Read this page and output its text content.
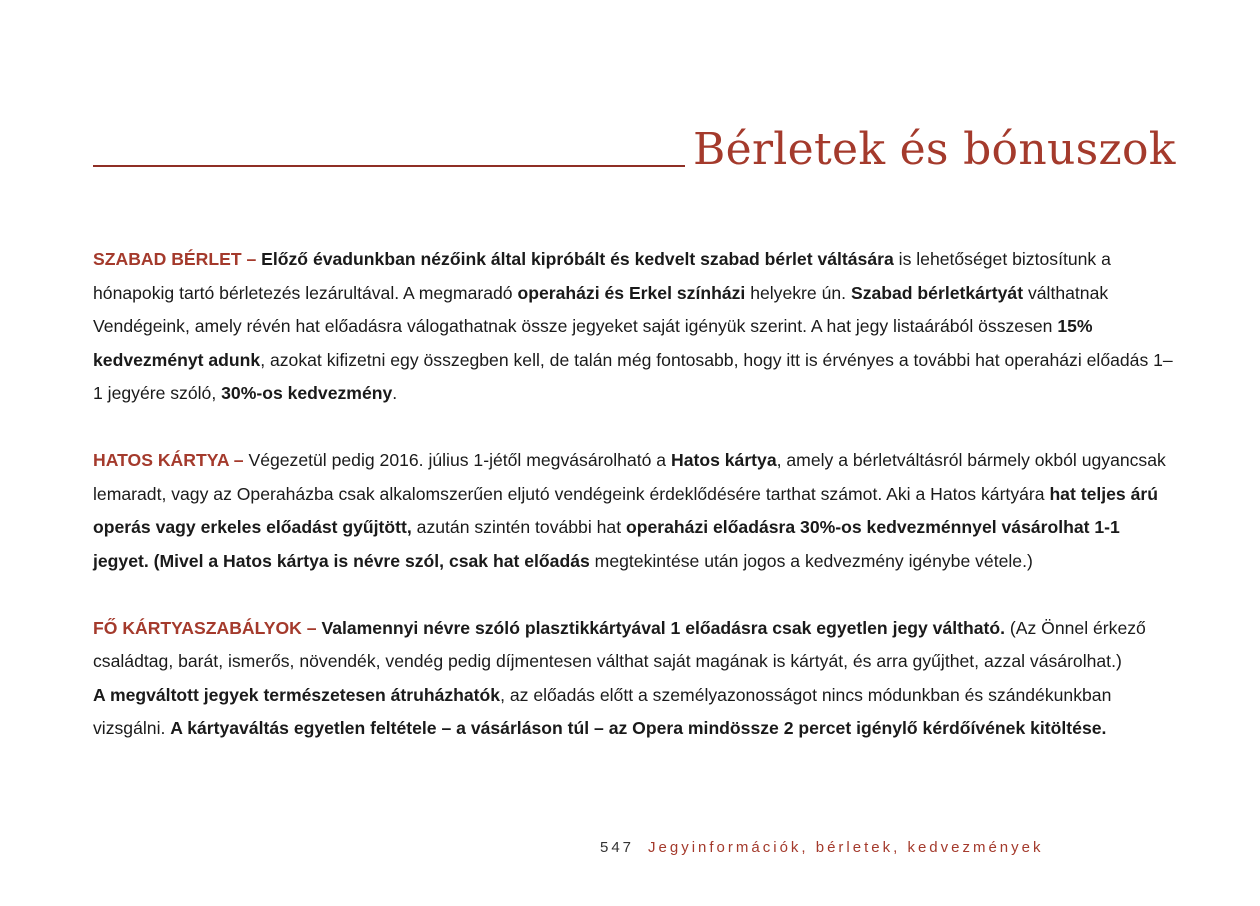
Bérletek és bónuszok

SZABAD BÉRLET – Előző évadunkban nézőink által kipróbált és kedvelt szabad bérlet váltására is lehetőséget biztosítunk a hónapokig tartó bérletezés lezárultával. A megmaradó operaházi és Erkel színházi helyekre ún. Szabad bérletkártyát válthatnak Vendégeink, amely révén hat előadásra válogathatnak össze jegyeket saját igényük szerint. A hat jegy listaárából összesen 15% kedvezményt adunk, azokat kifizetni egy összegben kell, de talán még fontosabb, hogy itt is érvényes a további hat operaházi előadás 1–1 jegyére szóló, 30%-os kedvezmény.

HATOS KÁRTYA – Végezetül pedig 2016. július 1-jétől megvásárolható a Hatos kártya, amely a bérletváltásról bármely okból ugyancsak lemaradt, vagy az Operaházba csak alkalomszerűen eljutó vendégeink érdeklődésére tarthat számot. Aki a Hatos kártyára hat teljes árú operás vagy erkeles előadást gyűjtött, azután szintén további hat operaházi előadásra 30%-os kedvezménnyel vásárolhat 1-1 jegyet. (Mivel a Hatos kártya is névre szól, csak hat előadás megtekintése után jogos a kedvezmény igénybe vétele.)

FŐ KÁRTYASZABÁLYOK – Valamennyi névre szóló plasztikkártyával 1 előadásra csak egyetlen jegy váltható. (Az Önnel érkező családtag, barát, ismerős, növendék, vendég pedig díjmentesen válthat saját magának is kártyát, és arra gyűjthet, azzal vásárolhat.)

A megváltott jegyek természetesen átruházhatók, az előadás előtt a személyazonosságot nincs módunkban és szándékunkban vizsgálni. A kártyaváltás egyetlen feltétele – a vásárláson túl – az Opera mindössze 2 percet igénylő kérdőívének kitöltése.

547 Jegyinformációk, bérletek, kedvezmények
